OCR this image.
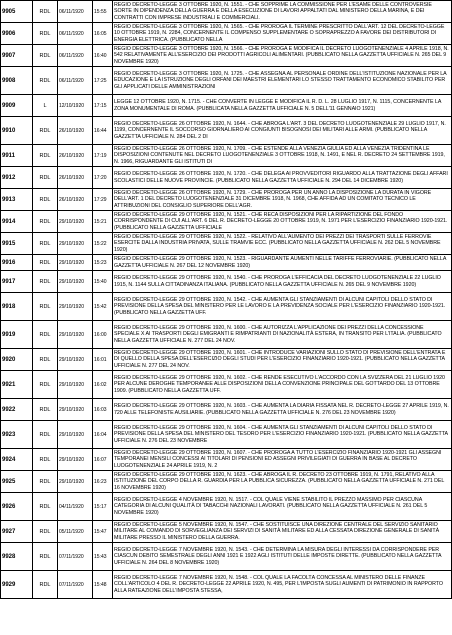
9905	RDL	06/11/1920	15:55	REGIO DECRETO-LEGGE 3 OTTOBRE 1920, N. 1551. - CHE SOPPRIME LA COMMISSIONE PER L'ESAME DELLE CONTROVERSIE SORTE IN DIPENDENZA DELLA GUERRA E DELLA ESECUZIONE DI LAVORI APPALTATI DAL MINISTERO DELLA MARINA, E DEI CONTRATTI CON IMPRESE INDUSTRIALI E COMMERCIALI.

9906	RDL	06/11/1920	16:05	REGIO DECRETO-LEGGE 3 OTTOBRE 1920, N. 1565. - CHE PROROGA IL TERMINE PRESCRITTO DALL'ART. 12 DEL DECRETO-LEGGE 10 OTTOBRE 1919, N. 2284, CONCERNENTE IL COMPENSO SUPPLEMENTARE O SOPRAPREZZO A FAVORE DEI DISTRIBUTORI DI ENERGIA ELETTRICA. (PUBBLICATO NELLA

9907	RDL	06/11/1920	16:40	REGIO DECRETO-LEGGE 3 OTTOBRE 1920, N. 1566. - CHE PROROGA E MODIFICA IL DECRETO LUOGOTENENZIALE 4 APRILE 1918, N. 542 RELATIVAMENTE ALL'ESERCIZIO DEI PRODOTTI AGRICOLI ALIMENTARI. (PUBBLICATO NELLA GAZZETTA UFFICIALE N. 265 DEL 9 NOVEMBRE 1920)

9908	RDL	06/11/1920	17:25	REGIO DECRETO-LEGGE 3 OTTOBRE 1920, N. 1725. - CHE ASSEGNA AL PERSONALE ORDINE DELL'ISTITUZIONE NAZIONALE PER LA EDUCAZIONE E LA ISTRUZIONE DEGLI ORFANI DEI MAESTRI ELEMENTARI LO STESSO TRATTAMENTO ECONOMICO STABILITO PER GLI APPLICATI DELLE AMMINISTRAZIONI

9909	L	12/10/1920	17:15	LEGGE 12 OTTOBRE 1920, N. 1715. - CHE CONVERTE IN LEGGE E MODIFICA IL R. D. L. 28 LUGLIO 1917, N. 1115, CONCERNENTE LA ZONA MONUMENTALE DI ROMA. (PUBBLICATA NELLA GAZZETTA UFFICIALE N. 5 DELL'11 GENNAIO 1921)

9910	RDL	26/10/1920	16:44	REGIO DECRETO-LEGGE 26 OTTOBRE 1920, N. 1644. - CHE ABROGA L'ART. 3 DEL DECRETO LUOGOTENENZIALE 29 LUGLIO 1917, N. 1199, CONCERNENTE IL SOCCORSO GIORNALIERO AI CONGIUNTI BISOGNOSI DEI MILITARI ALLE ARMI. (PUBBLICATO NELLA GAZZETTA UFFICIALE N. 284 DEL 2 DI

9911	RDL	26/10/1920	17:19	REGIO DECRETO-LEGGE 26 OTTOBRE 1920, N. 1709. - CHE ESTENDE ALLA VENEZIA GIULIA ED ALLA VENEZIA TRIDENTINA LE DISPOSIZIONI CONTENUTE NEL DECRETO LUOGOTENENZIALE 3 OTTOBRE 1918, N. 1491, E NEL R. DECRETO 24 SETTEMBRE 1919, N. 1966, RIGUARDANTE GLI ISTITUTI DI

9912	RDL	26/10/1920	17:20	REGIO DECRETO-LEGGE 26 OTTOBRE 1920, N. 1720. - CHE DELEGA AI PROVVEDITORI RIGUARDO ALLA TRATTAZIONE DEGLI AFFARI SCOLASTICI DELLE NUOVE PROVINCIE. (PUBBLICATO NELLA GAZZETTA UFFICIALE N. 294 DEL 14 DICEMBRE 1920)

9913	RDL	26/10/1920	17:29	REGIO DECRETO-LEGGE 26 OTTOBRE 1920, N. 1729. - CHE PROROGA PER UN ANNO LA DISPOSIZIONE LA DURATA IN VIGORE DELL'ART. 1 DEL DECRETO LUOGOTENENZIALE 31 DICEMBRE 1918, N. 1968, CHE AFFIDA AD UN COMITATO TECNICO LE ATTRIBUZIONI DEL CONSIGLIO SUPERIORE DELL'AGR.

9914	RDL	29/10/1920	15:21	REGIO DECRETO-LEGGE 29 OTTOBRE 1920, N. 1521. - CHE RECA DISPOSIZIONI PER LA RIPARTIZIONE DEL FONDO CORRISPONDENTE DI CUI ALL'ART. 6 DEL R. DECRETO-LEGGE 20 OTTOBRE 1919, N. 1971 PER L'ESERCIZIO FINANZIARIO 1920-1921. (PUBBLICATO NELLA GAZZETTA UFFICIALE

9915	RDL	29/10/1920	15:22	REGIO DECRETO-LEGGE 29 OTTOBRE 1920, N. 1522. - RELATIVO ALL'AUMENTO DEI PREZZI DEI TRASPORTI SULLE FERROVIE ESERCITE DALLA INDUSTRIA PRIVATA, SULLE TRAMVIE ECC. (PUBBLICATO NELLA GAZZETTA UFFICIALE N. 262 DEL 5 NOVEMBRE 1920)

9916	RDL	29/10/1920	15:23	REGIO DECRETO-LEGGE 29 OTTOBRE 1920, N. 1523. - RIGUARDANTE AUMENTI NELLE TARIFFE FERROVIARIE. (PUBBLICATO NELLA GAZZETTA UFFICIALE N. 267 DEL 12 NOVEMBRE 1920)

9917	RDL	29/10/1920	15:40	REGIO DECRETO-LEGGE 29 OTTOBRE 1920, N. 1540. - CHE PROROGA L'EFFICACIA DEL DECRETO LUOGOTENENZIALE 22 LUGLIO 1915, N. 1144 SULLA CITTADINANZA ITALIANA. (PUBBLICATO NELLA GAZZETTA UFFICIALE N. 265 DEL 9 NOVEMBRE 1920)

9918	RDL	29/10/1920	15:42	REGIO DECRETO-LEGGE 29 OTTOBRE 1920, N. 1542. - CHE AUMENTA GLI STANZIAMENTI DI ALCUNI CAPITOLI DELLO STATO DI PREVISIONE DELLA SPESA DEL MINISTERO PER LE LAVORO E LA PREVIDENZA SOCIALE PER L'ESERCIZIO FINANZIARIO 1920-1921. (PUBBLICATO NELLA GAZZETTA UFF.

9919	RDL	29/10/1920	16:00	REGIO DECRETO-LEGGE 29 OTTOBRE 1920, N. 1600. - CHE AUTORIZZA L'APPLICAZIONE DEI PREZZI DELLA CONCESSIONE SPECIALE X AI TRASPORTI DEGLI EMIGRANTI E RIMPATRIANTI DI NAZIONALITÀ ESTERA, IN TRANSITO PER L'ITALIA. (PUBBLICATO NELLA GAZZETTA UFFICIALE N. 277 DEL 24 NOV.

9920	RDL	29/10/1920	16:01	REGIO DECRETO-LEGGE 29 OTTOBRE 1920, N. 1601. - CHE INTRODUCE VARIAZIONI SULLO STATO DI PREVISIONE DELL'ENTRATA E DI QUELLO DELLA SPESA DELL'ESERCIZIO DEGLI STUDI PER L'ESERCIZIO FINANZIARIO 1920-1921. (PUBBLICATO NELLA GAZZETTA UFFICIALE N. 277 DEL 24 NOV.

9921	RDL	29/10/1920	16:02	REGIO DECRETO-LEGGE 29 OTTOBRE 1920, N. 1602. - CHE RENDE ESECUTIVO L'ACCORDO CON LA SVIZZERA DEL 21 LUGLIO 1920 PER ALCUNE DEROGHE TEMPORANEE ALLE DISPOSIZIONI DELLA CONVENZIONE PRINCIPALE DEL GOTTARDO DEL 13 OTTOBRE 1909. (PUBBLICATO NELLA GAZZETTA UFF.

9922	RDL	29/10/1920	16:03	REGIO DECRETO-LEGGE 29 OTTOBRE 1920, N. 1603. - CHE AUMENTA LA DIARIA FISSATA NEL R. DECRETO-LEGGE 27 APRILE 1919, N. 720 ALLE TELEFONISTE AUSILIARIE. (PUBBLICATO NELLA GAZZETTA UFFICIALE N. 276 DEL 23 NOVEMBRE 1920)

9923	RDL	29/10/1920	16:04	REGIO DECRETO-LEGGE 29 OTTOBRE 1920, N. 1604. - CHE AUMENTA GLI STANZIAMENTI DI ALCUNI CAPITOLI DELLO STATO DI PREVISIONE DELLA SPESA DEL MINISTERO DEL TESORO PER L'ESERCIZIO FINANZIARIO 1920-1921. (PUBBLICATO NELLA GAZZETTA UFFICIALE N. 276 DEL 23 NOVEMBRE

9924	RDL	29/10/1920	16:07	REGIO DECRETO-LEGGE 29 OTTOBRE 1920, N. 1607. - CHE PROROGA A TUTTO L'ESERCIZIO FINANZIARIO 1920-1921 GLI ASSEGNI TEMPORANEI MENSILI CONCESSI AI TITOLARI DI PENSIONI ED ASSEGNI PRIVILEGIATI DI GUERRA IN BASE AL DECRETO LUOGOTENENZIALE 24 APRILE 1919, N. 2

9925	RDL	29/10/1920	16:23	REGIO DECRETO-LEGGE 29 OTTOBRE 1920, N. 1623. - CHE ABROGA IL R. DECRETO 23 OTTOBRE 1919, N. 1791, RELATIVO ALLA ISTITUZIONE DEL CORPO DELLA R. GUARDIA PER LA PUBBLICA SICUREZZA. (PUBBLICATO NELLA GAZZETTA UFFICIALE N. 271 DEL 16 NOVEMBRE 1920)

9926	RDL	04/11/1920	15:17	REGIO DECRETO-LEGGE 4 NOVEMBRE 1920, N. 1517. - COL QUALE VIENE STABILITO IL PREZZO MASSIMO PER CIASCUNA CATEGORIA DI ALCUNI QUALITÀ DI TABACCHI NAZIONALI LAVORATI. (PUBBLICATO NELLA GAZZETTA UFFICIALE N. 261 DEL 5 NOVEMBRE 1920)

9927	RDL	05/11/1920	15:47	REGIO DECRETO-LEGGE 5 NOVEMBRE 1920, N. 1547. - CHE SOSTITUISCE UNA DIREZIONE CENTRALE DEL SERVIZIO SANITARIO MILITARE AL COMANDO DI SORVEGLIANZA DEI SERVIZI DI SANITÀ MILITARE ED ALLA CESSATA DIREZIONE GENERALE DI SANITÀ MILITARE PRESSO IL MINISTERO DELLA GUERRA.

9928	RDL	07/11/1920	15:43	REGIO DECRETO-LEGGE 7 NOVEMBRE 1920, N. 1543. - CHE DETERMINA LA MISURA DEGLI INTERESSI DA CORRISPONDERE PER CIASCUN DEBITO SEMESTRALE DEGLI ANNI 1921 E 1922 AGLI ISTITUTI DELLE IMPOSTE DIRETTE. (PUBBLICATO NELLA GAZZETTA UFFICIALE N. 264 DEL 8 NOVEMBRE 1920)

9929	RDL	07/11/1920	15:48	REGIO DECRETO-LEGGE 7 NOVEMBRE 1920, N. 1548. - COL QUALE LA FACOLTÀ CONCESSA AL MINISTERO DELLE FINANZE COLL'ARTICOLO 4 DEL R. DECRETO-LEGGE 22 APRILE 1920, N. 495, PER L'IMPOSTA SUGLI AUMENTI DI PATRIMONIO IN RAPPORTO ALLA RATEAZIONE DELL'IMPOSTA STESSA,
